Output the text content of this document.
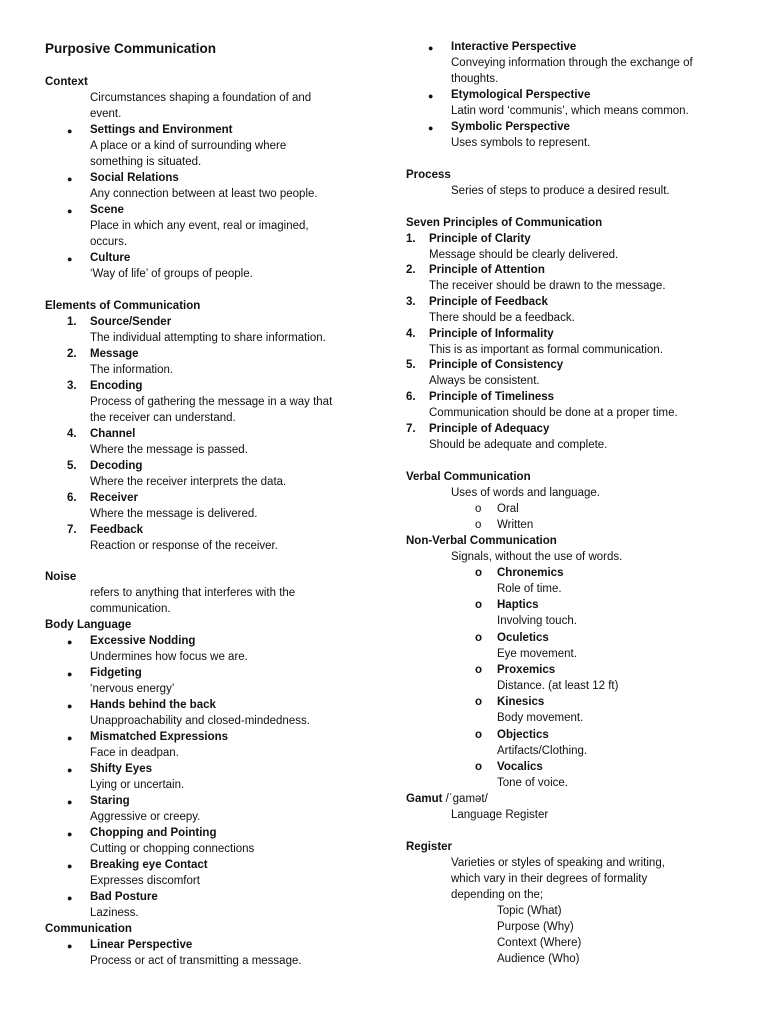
Purposive Communication
Context
Circumstances shaping a foundation of and
event.
● Settings and Environment
A place or a kind of surrounding where
something is situated.
● Social Relations
Any connection between at least two people.
● Scene
Place in which any event, real or imagined,
occurs.
● Culture
‘Way of life’ of groups of people.
Elements of Communication
1. Source/Sender
The individual attempting to share information.
2. Message
The information.
3. Encoding
Process of gathering the message in a way that
the receiver can understand.
4. Channel
Where the message is passed.
5. Decoding
Where the receiver interprets the data.
6. Receiver
Where the message is delivered.
7. Feedback
Reaction or response of the receiver.
Noise
refers to anything that interferes with the
communication.
Body Language
● Excessive Nodding
Undermines how focus we are.
● Fidgeting
‘nervous energy’
● Hands behind the back
Unapproachability and closed-mindedness.
● Mismatched Expressions
Face in deadpan.
● Shifty Eyes
Lying or uncertain.
● Staring
Aggressive or creepy.
● Chopping and Pointing
Cutting or chopping connections
● Breaking eye Contact
Expresses discomfort
● Bad Posture
Laziness.
Communication
● Linear Perspective
Process or act of transmitting a message.
● Interactive Perspective
Conveying information through the exchange of
thoughts.
● Etymological Perspective
Latin word ‘communis’, which means common.
● Symbolic Perspective
Uses symbols to represent.
Process
Series of steps to produce a desired result.
Seven Principles of Communication
1. Principle of Clarity
Message should be clearly delivered.
2. Principle of Attention
The receiver should be drawn to the message.
3. Principle of Feedback
There should be a feedback.
4. Principle of Informality
This is as important as formal communication.
5. Principle of Consistency
Always be consistent.
6. Principle of Timeliness
Communication should be done at a proper time.
7. Principle of Adequacy
Should be adequate and complete.
Verbal Communication
Uses of words and language.
o Oral
o Written
Non-Verbal Communication
Signals, without the use of words.
o Chronemics
Role of time.
o Haptics
Involving touch.
o Oculetics
Eye movement.
o Proxemics
Distance. (at least 12 ft)
o Kinesics
Body movement.
o Objectics
Artifacts/Clothing.
o Vocalics
Tone of voice.
Gamut /ˈgamət/
Language Register
Register
Varieties or styles of speaking and writing,
which vary in their degrees of formality
depending on the;
Topic (What)
Purpose (Why)
Context (Where)
Audience (Who)
